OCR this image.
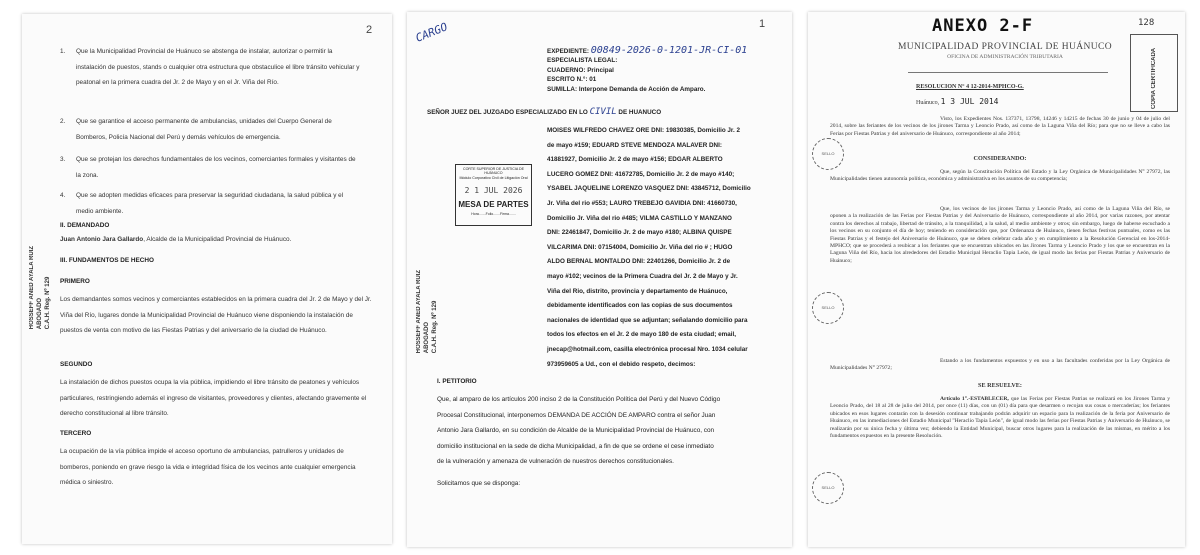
2
1. Que la Municipalidad Provincial de Huánuco se abstenga de instalar, autorizar o permitir la instalación de puestos, stands o cualquier otra estructura que obstaculice el libre tránsito vehicular y peatonal en la primera cuadra del Jr. 2 de Mayo y en el Jr. Viña del Río.
2. Que se garantice el acceso permanente de ambulancias, unidades del Cuerpo General de Bomberos, Policía Nacional del Perú y demás vehículos de emergencia.
3. Que se protejan los derechos fundamentales de los vecinos, comerciantes formales y visitantes de la zona.
4. Que se adopten medidas eficaces para preservar la seguridad ciudadana, la salud pública y el medio ambiente.
II. DEMANDADO
Juan Antonio Jara Gallardo, Alcalde de la Municipalidad Provincial de Huánuco.
III. FUNDAMENTOS DE HECHO
PRIMERO
Los demandantes somos vecinos y comerciantes establecidos en la primera cuadra del Jr. 2 de Mayo y del Jr. Viña del Río, lugares donde la Municipalidad Provincial de Huánuco viene disponiendo la instalación de puestos de venta con motivo de las Fiestas Patrias y del aniversario de la ciudad de Huánuco.
SEGUNDO
La instalación de dichos puestos ocupa la vía pública, impidiendo el libre tránsito de peatones y vehículos particulares, restringiendo además el ingreso de visitantes, proveedores y clientes, afectando gravemente el derecho constitucional al libre tránsito.
TERCERO
La ocupación de la vía pública impide el acceso oportuno de ambulancias, patrulleros y unidades de bomberos, poniendo en grave riesgo la vida e integridad física de los vecinos ante cualquier emergencia médica o siniestro.
HOSSEFF ANED AYALA RUIZ ABOGADO C.A.H. Reg. Nº 129
1
CARGO
EXPEDIENTE: 00849-2026-0-1201-JR-CI-01
ESPECIALISTA LEGAL:
CUADERNO: Principal
ESCRITO N.°: 01
SUMILLA: Interpone Demanda de Acción de Amparo.
SEÑOR JUEZ DEL JUZGADO ESPECIALIZADO EN LO CIVIL DE HUANUCO
CORTE SUPERIOR DE JUSTICIA DE HUÁNUCO
Módulo Corporativo Civil de Litigación Oral
2 1 JUL 2026
MESA DE PARTES
Hora.......Folio.......Firma.......
MOISES WILFREDO CHAVEZ ORE DNI: 19830385, Domicilio Jr. 2
de mayo #159; EDUARD STEVE MENDOZA MALAVER DNI:
41881927, Domicilio Jr. 2 de mayo #156; EDGAR ALBERTO
LUCERO GOMEZ DNI: 41672785, Domicilio Jr. 2 de mayo #140;
YSABEL JAQUELINE LORENZO VASQUEZ DNI: 43845712, Domicilio
Jr. Viña del rio #553; LAURO TREBEJO GAVIDIA DNI: 41660730,
Domicilio Jr. Viña del rio #485; VILMA CASTILLO Y MANZANO
DNI: 22461847, Domicilio Jr. 2 de mayo #180; ALBINA QUISPE
VILCARIMA DNI: 07154004, Domicilio Jr. Viña del rio # ; HUGO
ALDO BERNAL MONTALDO DNI: 22401266, Domicilio Jr. 2 de
mayo #102; vecinos de la Primera Cuadra del Jr. 2 de Mayo y Jr.
Viña del Rio, distrito, provincia y departamento de Huánuco,
debidamente identificados con las copias de sus documentos
nacionales de identidad que se adjuntan; señalando domicilio para
todos los efectos en el Jr. 2 de mayo 180 de esta ciudad; email,
jnecap@hotmail.com, casilla electrónica procesal Nro. 1034 celular
973959605 a Ud., con el debido respeto, decimos:
I. PETITORIO
Que, al amparo de los artículos 200 inciso 2 de la Constitución Política del Perú y del Nuevo Código
Procesal Constitucional, interponemos DEMANDA DE ACCIÓN DE AMPARO contra el señor Juan
Antonio Jara Gallardo, en su condición de Alcalde de la Municipalidad Provincial de Huánuco, con
domicilio institucional en la sede de dicha Municipalidad, a fin de que se ordene el cese inmediato
de la vulneración y amenaza de vulneración de nuestros derechos constitucionales.
Solicitamos que se disponga:
HOSSEFF ANED AYALA RUIZ ABOGADO C.A.H. Reg. Nº 129
ANEXO 2-F	128
MUNICIPALIDAD PROVINCIAL DE HUÁNUCO
OFICINA DE ADMINISTRACIÓN TRIBUTARIA	COPIA CERTIFICADA
RESOLUCION N° 4 12-2014-MPHCO-G.
Huánuco, 1 3 JUL 2014
Visto, los Expedientes Nos. 137371, 13798, 14246 y 14215 de fechas 30 de junio y 04 de julio del 2014, sobre las feriantes de los vecinos de los jirones Tarma y Leoncio Prado, así como de la Laguna Viña del Río; para que no se lleve a cabo las Ferias por Fiestas Patrias y del aniversario de Huánuco, correspondiente al año 2014;
CONSIDERANDO:
Que, según la Constitución Política del Estado y la Ley Orgánica de Municipalidades N° 27972, las Municipalidades tienen autonomía política, económica y administrativa en los asuntos de su competencia;
Que, los vecinos de los jirones Tarma y Leoncio Prado, así como de la Laguna Viña del Río, se oponen a la realización de las Ferias por Fiestas Patrias y del Aniversario de Huánuco, correspondiente al año 2014, por varias razones, por atentar contra los derechos al trabajo, libertad de tránsito, a la tranquilidad, a la salud, al medio ambiente y otros; sin embargo, luego de haberse escuchado a los vecinos en su conjunto el día de hoy; teniendo en consideración que, por Ordenanza de Huánuco, tienen fechas festivas puntuales, como es las Fiestas Patrias y el festejo del Aniversario de Huánuco, que se deben celebrar cada año y en cumplimiento a la Resolución Gerencial en los-2014-MPHCO; que se procederá a reubicar a los feriantes que se encuentran ubicados en las Jirones Tarma y Leoncio Prado y los que se encuentran en la Laguna Viña del Río, hacia los alrededores del Estadio Municipal Heraclio Tapia León, de igual modo las ferias por Fiestas Patrias y Aniversario de Huánuco;
Estando a los fundamentos expuestos y en uso a las facultades conferidas por la Ley Orgánica de Municipalidades N° 27972;
SE RESUELVE:
Artículo 1°.-ESTABLECER, que las Ferias por Fiestas Patrias se realizará en los Jirones Tarma y Leoncio Prado, del 18 al 28 de julio del 2014, por once (11) días, con un (01) día para que desarmen o recojan sus cosas o mercaderías; los feriantes ubicados en esos lugares contarán con la desesión continuar trabajando podrán adquirir un espacio para la realización de la feria por Aniversario de Huánuco, en las inmediaciones del Estadio Municipal "Heraclio Tapia León", de igual modo las ferias por Fiestas Patrias y Aniversario de Huánuco, se realizarán por su única fecha y última vez; debiendo la Entidad Municipal, buscar otros lugares para la realización de las mismas, en mérito a los fundamentos expuestos en la presente Resolución.
SELLO
SELLO
SELLO
